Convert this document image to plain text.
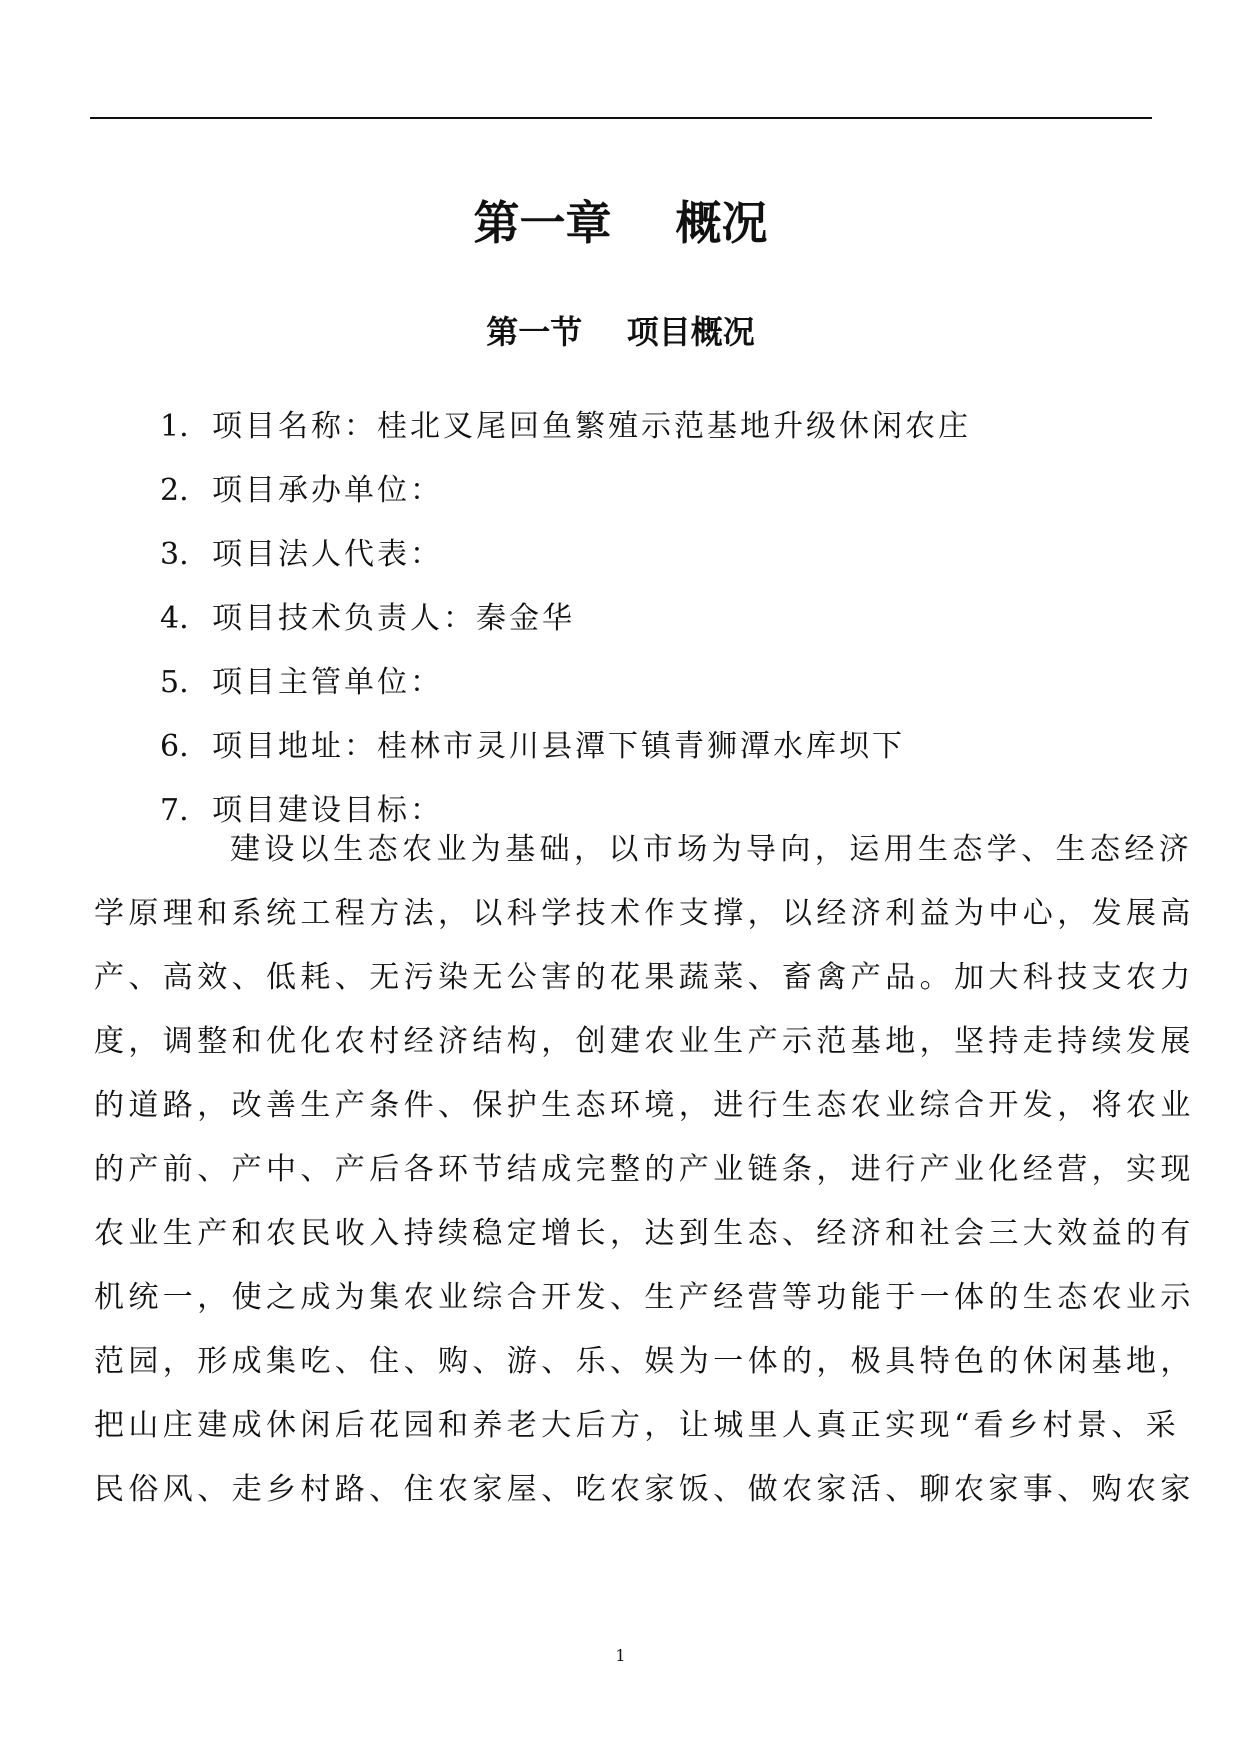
第一章    概况
第一节    项目概况
1. 项目名称：桂北叉尾回鱼繁殖示范基地升级休闲农庄
2. 项目承办单位：
3. 项目法人代表：
4. 项目技术负责人：秦金华
5. 项目主管单位：
6. 项目地址：桂林市灵川县潭下镇青狮潭水库坝下
7. 项目建设目标：
建设以生态农业为基础，以市场为导向，运用生态学、生态经济
学原理和系统工程方法，以科学技术作支撑，以经济利益为中心，发展高
产、高效、低耗、无污染无公害的花果蔬菜、畜禽产品。加大科技支农力
度，调整和优化农村经济结构，创建农业生产示范基地，坚持走持续发展
的道路，改善生产条件、保护生态环境，进行生态农业综合开发，将农业
的产前、产中、产后各环节结成完整的产业链条，进行产业化经营，实现
农业生产和农民收入持续稳定增长，达到生态、经济和社会三大效益的有
机统一，使之成为集农业综合开发、生产经营等功能于一体的生态农业示
范园，形成集吃、住、购、游、乐、娱为一体的，极具特色的休闲基地，
把山庄建成休闲后花园和养老大后方，让城里人真正实现“看乡村景、采
民俗风、走乡村路、住农家屋、吃农家饭、做农家活、聊农家事、购农家
1
